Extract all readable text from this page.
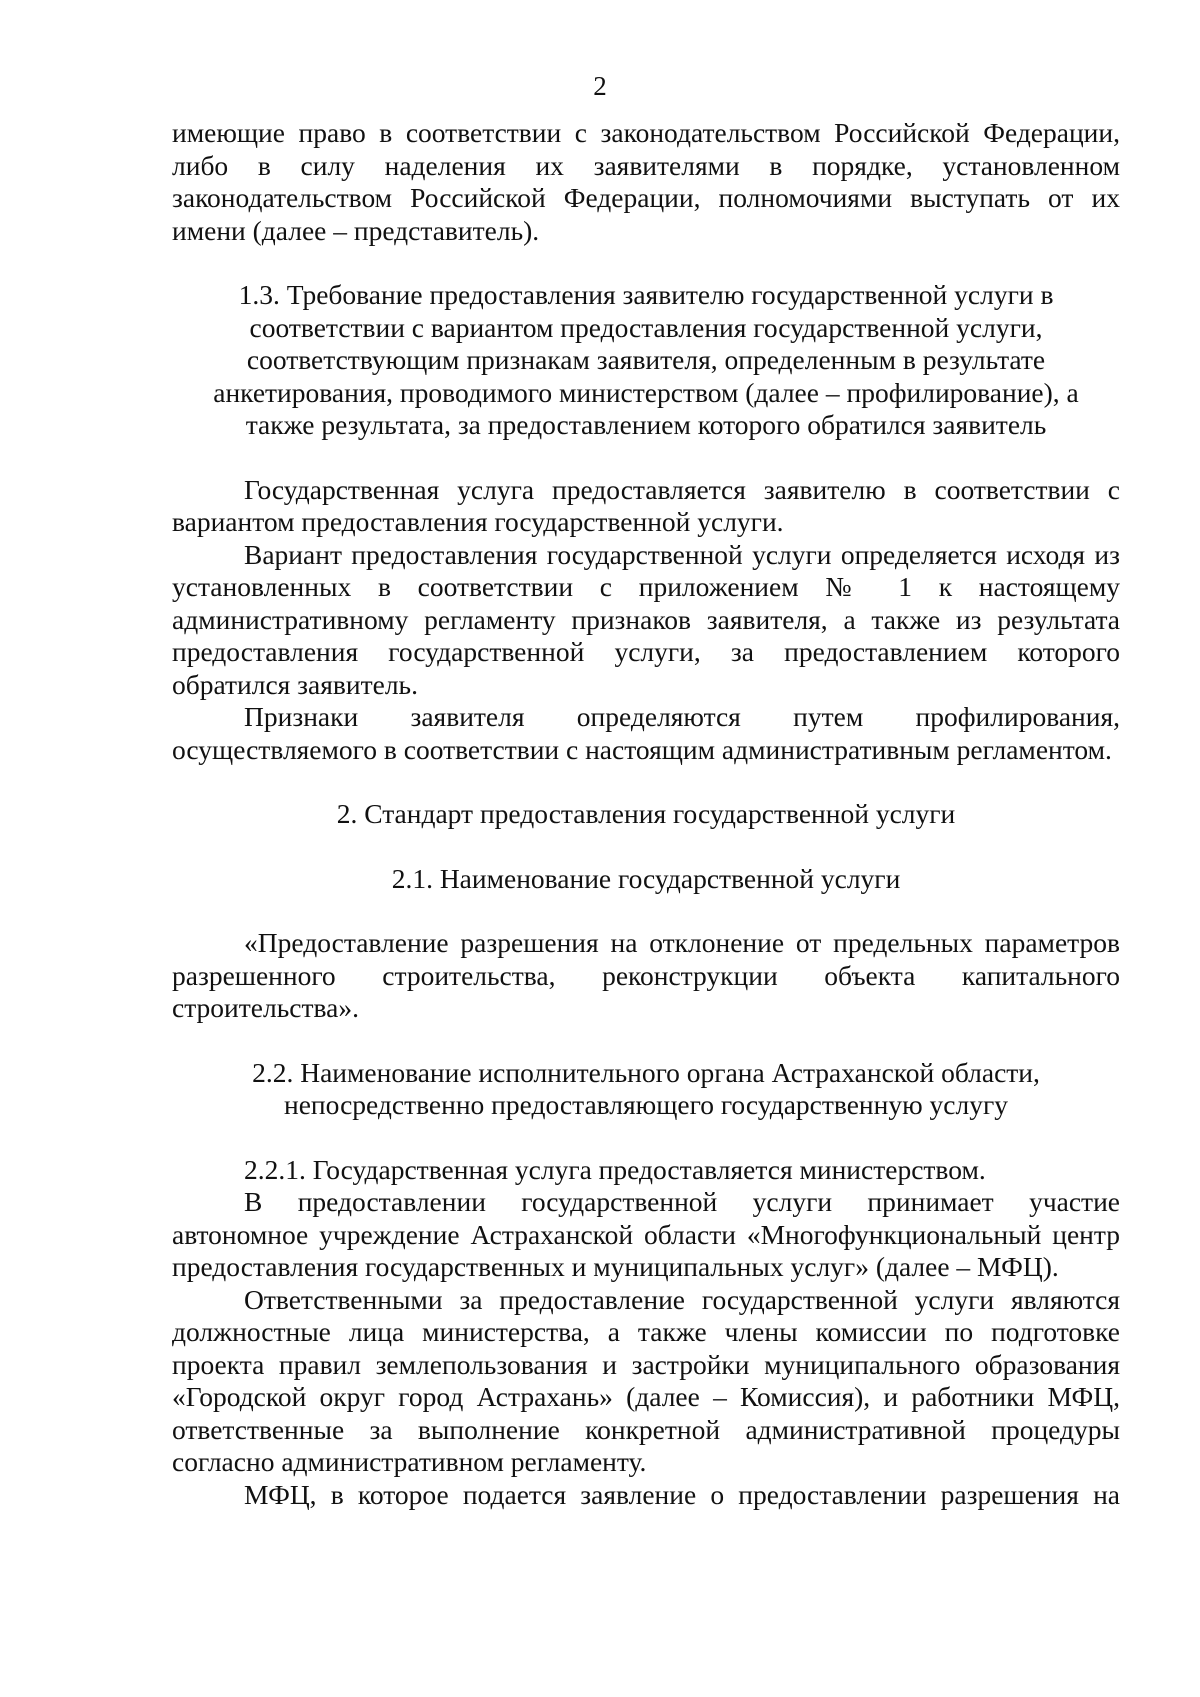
2

имеющие право в соответствии с законодательством Российской Федерации, либо в силу наделения их заявителями в порядке, установленном законодательством Российской Федерации, полномочиями выступать от их имени (далее – представитель).

1.3. Требование предоставления заявителю государственной услуги в соответствии с вариантом предоставления государственной услуги, соответствующим признакам заявителя, определенным в результате анкетирования, проводимого министерством (далее – профилирование), а также результата, за предоставлением которого обратился заявитель

Государственная услуга предоставляется заявителю в соответствии с вариантом предоставления государственной услуги.

Вариант предоставления государственной услуги определяется исходя из установленных в соответствии с приложением № 1 к настоящему административному регламенту признаков заявителя, а также из результата предоставления государственной услуги, за предоставлением которого обратился заявитель.

Признаки заявителя определяются путем профилирования, осуществляемого в соответствии с настоящим административным регламентом.

2. Стандарт предоставления государственной услуги

2.1. Наименование государственной услуги

«Предоставление разрешения на отклонение от предельных параметров разрешенного строительства, реконструкции объекта капитального строительства».

2.2. Наименование исполнительного органа Астраханской области, непосредственно предоставляющего государственную услугу

2.2.1. Государственная услуга предоставляется министерством.

В предоставлении государственной услуги принимает участие автономное учреждение Астраханской области «Многофункциональный центр предоставления государственных и муниципальных услуг» (далее – МФЦ).

Ответственными за предоставление государственной услуги являются должностные лица министерства, а также члены комиссии по подготовке проекта правил землепользования и застройки муниципального образования «Городской округ город Астрахань» (далее – Комиссия), и работники МФЦ, ответственные за выполнение конкретной административной процедуры согласно административном регламенту.

МФЦ, в которое подается заявление о предоставлении разрешения на
